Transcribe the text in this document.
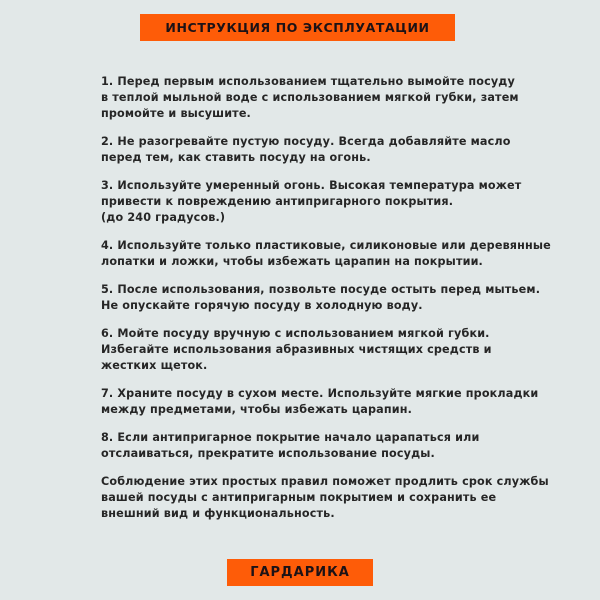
ИНСТРУКЦИЯ ПО ЭКСПЛУАТАЦИИ

1. Перед первым использованием тщательно вымойте посуду
в теплой мыльной воде с использованием мягкой губки, затем
промойте и высушите.

2. Не разогревайте пустую посуду. Всегда добавляйте масло
перед тем, как ставить посуду на огонь.

3. Используйте умеренный огонь. Высокая температура может
привести к повреждению антипригарного покрытия.
(до 240 градусов.)

4. Используйте только пластиковые, силиконовые или деревянные
лопатки и ложки, чтобы избежать царапин на покрытии.

5. После использования, позвольте посуде остыть перед мытьем.
Не опускайте горячую посуду в холодную воду.

6. Мойте посуду вручную с использованием мягкой губки.
Избегайте использования абразивных чистящих средств и
жестких щеток.

7. Храните посуду в сухом месте. Используйте мягкие прокладки
между предметами, чтобы избежать царапин.

8. Если антипригарное покрытие начало царапаться или
отслаиваться, прекратите использование посуды.

Соблюдение этих простых правил поможет продлить срок службы
вашей посуды с антипригарным покрытием и сохранить ее
внешний вид и функциональность.

ГАРДАРИКА
